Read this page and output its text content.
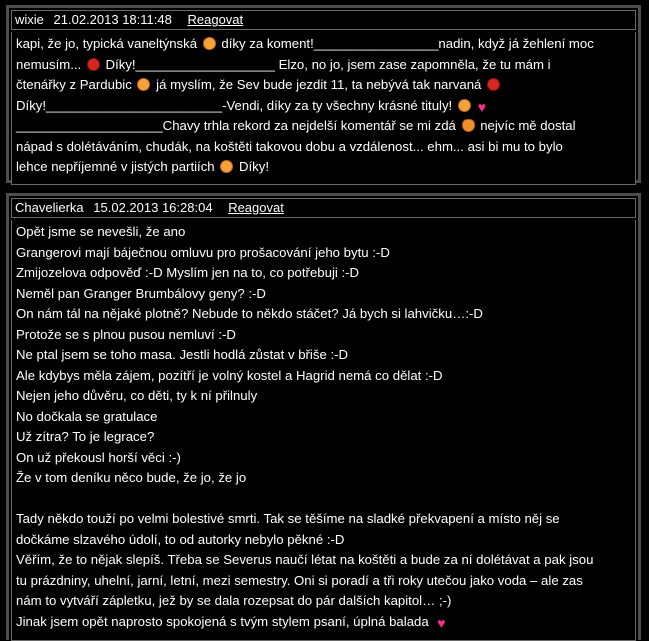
wixie 21.02.2013 18:11:48 Reagovat
kapi, že jo, typická vaneltýnská  díky za koment!_________________nadin, když já žehlení moc
nemusím...  Díky!___________________ Elzo, no jo, jsem zase zapomněla, že tu mám i
čtenářky z Pardubic  já myslím, že Sev bude jezdit 11, ta nebývá tak narvaná
Díky!________________________-Vendi, díky za ty všechny krásné tituly! ♥
____________________Chavy trhla rekord za nejdelší komentář se mi zdá  nejvíc mě dostal
nápad s dolétáváním, chudák, na koštěti takovou dobu a vzdálenost... ehm... asi bi mu to bylo
lehce nepříjemné v jistých partiích  Díky!
Chavelierka 15.02.2013 16:28:04 Reagovat
Opět jsme se nevešli, že ano
Grangerovi mají báječnou omluvu pro prošacování jeho bytu :-D
Zmijozelova odpověď :-D Myslím jen na to, co potřebuji :-D
Neměl pan Granger Brumbálovy geny? :-D
On nám tál na nějaké plotně? Nebude to někdo stáčet? Já bych si lahvičku…:-D
Protože se s plnou pusou nemluví :-D
Ne ptal jsem se toho masa. Jestli hodlá zůstat v břiše :-D
Ale kdybys měla zájem, pozítří je volný kostel a Hagrid nemá co dělat :-D
Nejen jeho důvěru, co děti, ty k ní přilnuly
No dočkala se gratulace
Už zítra? To je legrace?
On už překousl horší věci :-)
Že v tom deníku něco bude, že jo, že jo
Tady někdo touží po velmi bolestivé smrti. Tak se těšíme na sladké překvapení a místo něj se
dočkáme slzavého údolí, to od autorky nebylo pěkné :-D
Věřím, že to nějak slepíš. Třeba se Severus naučí létat na koštěti a bude za ní dolétávat a pak jsou
tu prázdniny, uhelní, jarní, letní, mezi semestry. Oni si poradí a tři roky utečou jako voda – ale zas
nám to vytváří zápletku, jež by se dala rozepsat do pár dalších kapitol… ;-)
Jinak jsem opět naprosto spokojená s tvým stylem psaní, úplná balada ♥
